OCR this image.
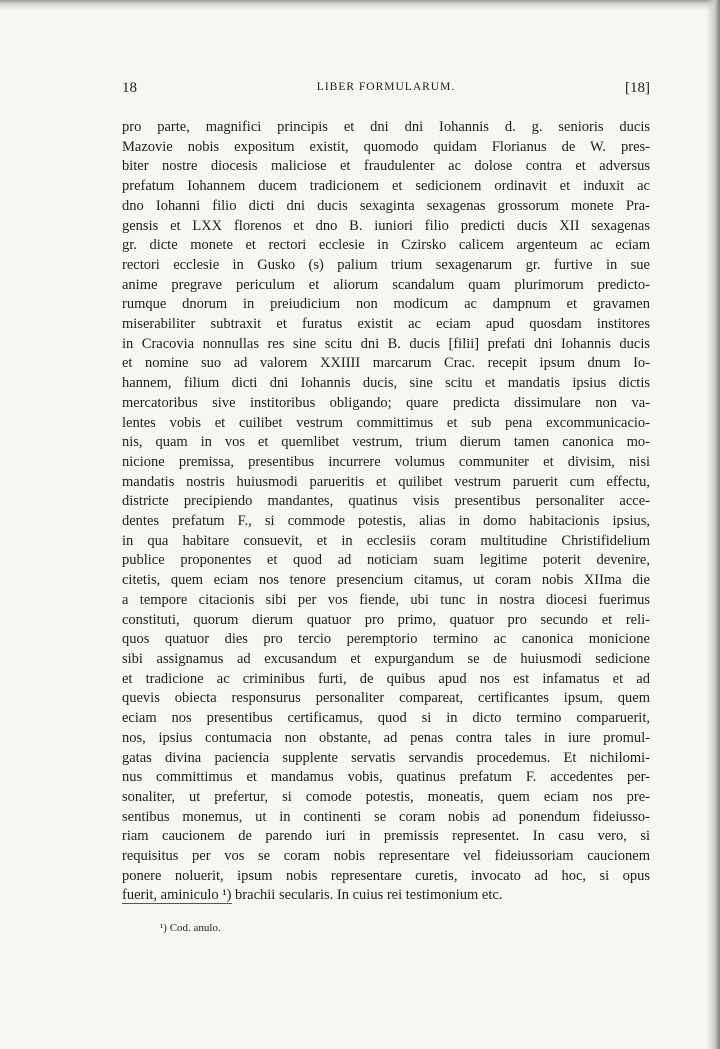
18	LIBER FORMULARUM.	[18]
pro parte, magnifici principis et dni dni Iohannis d. g. senioris ducis
Mazovie nobis expositum existit, quomodo quidam Florianus de W. pres-
biter nostre diocesis maliciose et fraudulenter ac dolose contra et adversus
prefatum Iohannem ducem tradicionem et sedicionem ordinavit et induxit ac
dno Iohanni filio dicti dni ducis sexaginta sexagenas grossorum monete Pra-
gensis et LXX florenos et dno B. iuniori filio predicti ducis XII sexagenas
gr. dicte monete et rectori ecclesie in Czirsko calicem argenteum ac eciam
rectori ecclesie in Gusko (s) palium trium sexagenarum gr. furtive in sue
anime pregrave periculum et aliorum scandalum quam plurimorum predicto-
rumque dnorum in preiudicium non modicum ac dampnum et gravamen
miserabiliter subtraxit et furatus existit ac eciam apud quosdam institores
in Cracovia nonnullas res sine scitu dni B. ducis [filii] prefati dni Iohannis ducis
et nomine suo ad valorem XXIIII marcarum Crac. recepit ipsum dnum Io-
hannem, filium dicti dni Iohannis ducis, sine scitu et mandatis ipsius dictis
mercatoribus sive institoribus obligando; quare predicta dissimulare non va-
lentes vobis et cuilibet vestrum committimus et sub pena excommunicacio-
nis, quam in vos et quemlibet vestrum, trium dierum tamen canonica mo-
nicione premissa, presentibus incurrere volumus communiter et divisim, nisi
mandatis nostris huiusmodi parueritis et quilibet vestrum paruerit cum effectu,
districte precipiendo mandantes, quatinus visis presentibus personaliter acce-
dentes prefatum F., si commode potestis, alias in domo habitacionis ipsius,
in qua habitare consuevit, et in ecclesiis coram multitudine Christifidelium
publice proponentes et quod ad noticiam suam legitime poterit devenire,
citetis, quem eciam nos tenore presencium citamus, ut coram nobis XIIma die
a tempore citacionis sibi per vos fiende, ubi tunc in nostra diocesi fuerimus
constituti, quorum dierum quatuor pro primo, quatuor pro secundo et reli-
quos quatuor dies pro tercio peremptorio termino ac canonica monicione
sibi assignamus ad excusandum et expurgandum se de huiusmodi sedicione
et tradicione ac criminibus furti, de quibus apud nos est infamatus et ad
quevis obiecta responsurus personaliter compareat, certificantes ipsum, quem
eciam nos presentibus certificamus, quod si in dicto termino comparuerit,
nos, ipsius contumacia non obstante, ad penas contra tales in iure promul-
gatas divina paciencia supplente servatis servandis procedemus. Et nichilomi-
nus committimus et mandamus vobis, quatinus prefatum F. accedentes per-
sonaliter, ut prefertur, si comode potestis, moneatis, quem eciam nos pre-
sentibus monemus, ut in continenti se coram nobis ad ponendum fideiusso-
riam caucionem de parendo iuri in premissis representet. In casu vero, si
requisitus per vos se coram nobis representare vel fideiussoriam caucionem
ponere noluerit, ipsum nobis representare curetis, invocato ad hoc, si opus
fuerit, aminiculo ¹) brachii secularis. In cuius rei testimonium etc.
¹) Cod. anulo.
